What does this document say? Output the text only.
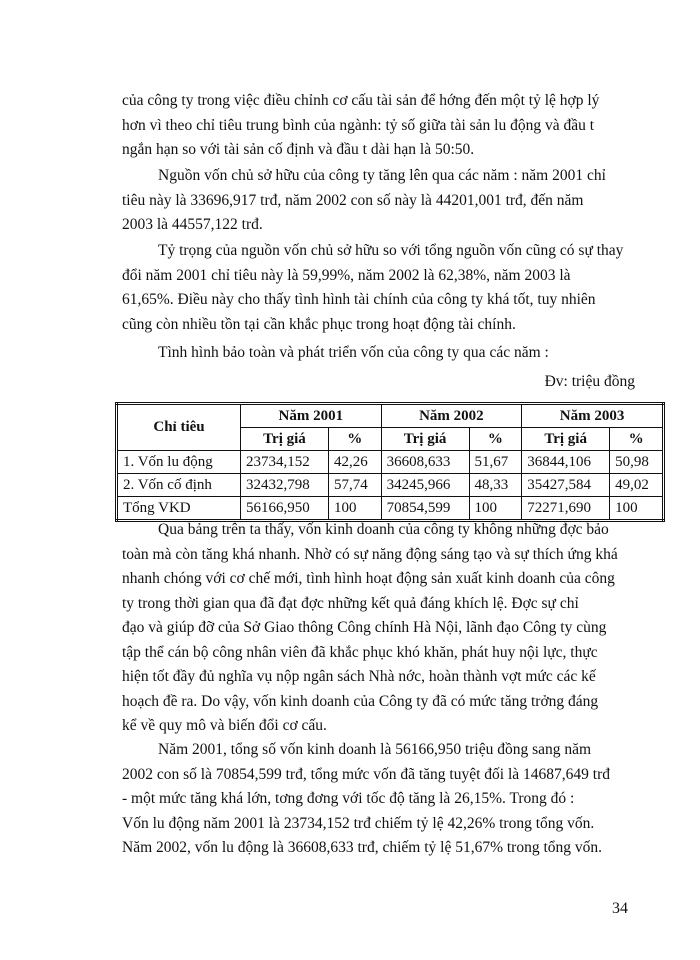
của công ty trong việc điều chỉnh cơ cấu tài sản để hớng đến một tỷ lệ hợp lý
hơn vì theo chỉ tiêu trung bình của ngành: tỷ số giữa tài sản lu động và đầu t
ngắn hạn so với tài sản cố định và đầu t dài hạn là 50:50.
Nguồn vốn chủ sở hữu của công ty tăng lên qua các năm : năm 2001 chỉ
tiêu này là 33696,917 trđ, năm 2002 con số này là 44201,001 trđ, đến năm
2003 là 44557,122 trđ.
Tỷ trọng của nguồn vốn chủ sở hữu so với tổng nguồn vốn cũng có sự thay
đổi năm 2001 chỉ tiêu này là 59,99%, năm 2002 là 62,38%, năm 2003 là
61,65%. Điều này cho thấy tình hình tài chính của công ty khá tốt, tuy nhiên
cũng còn nhiều tồn tại cần khắc phục trong hoạt động tài chính.
Tình hình bảo toàn và phát triển vốn của công ty qua các năm :
Đv: triệu đồng
Chỉ tiêu	Năm 2001		Năm 2002		Năm 2003	
	Trị giá	%	Trị giá	%	Trị giá	%
1. Vốn lu động	23734,152	42,26	36608,633	51,67	36844,106	50,98
2. Vốn cố định	32432,798	57,74	34245,966	48,33	35427,584	49,02
Tổng VKD	56166,950	100	70854,599	100	72271,690	100
Qua bảng trên ta thấy, vốn kinh doanh của công ty không những đợc bảo
toàn mà còn tăng khá nhanh. Nhờ có sự năng động sáng tạo và sự thích ứng khá
nhanh chóng với cơ chế mới, tình hình hoạt động sản xuất kinh doanh của công
ty trong thời gian qua đã đạt đợc những kết quả đáng khích lệ. Đợc sự chỉ
đạo và giúp đỡ của Sở Giao thông Công chính Hà Nội, lãnh đạo Công ty cùng
tập thể cán bộ công nhân viên đã khắc phục khó khăn, phát huy nội lực, thực
hiện tốt đầy đủ nghĩa vụ nộp ngân sách Nhà nớc, hoàn thành vợt mức các kế
hoạch đề ra. Do vậy, vốn kinh doanh của Công ty đã có mức tăng trởng đáng
kể về quy mô và biến đổi cơ cấu.
Năm 2001, tổng số vốn kinh doanh là 56166,950 triệu đồng sang năm
2002 con số là 70854,599 trđ, tổng mức vốn đã tăng tuyệt đối là 14687,649 trđ
- một mức tăng khá lớn, tơng đơng với tốc độ tăng là 26,15%. Trong đó :
Vốn lu động năm 2001 là 23734,152 trđ chiếm tỷ lệ 42,26% trong tổng vốn.
Năm 2002, vốn lu động là 36608,633 trđ, chiếm tỷ lệ 51,67% trong tổng vốn.
34
